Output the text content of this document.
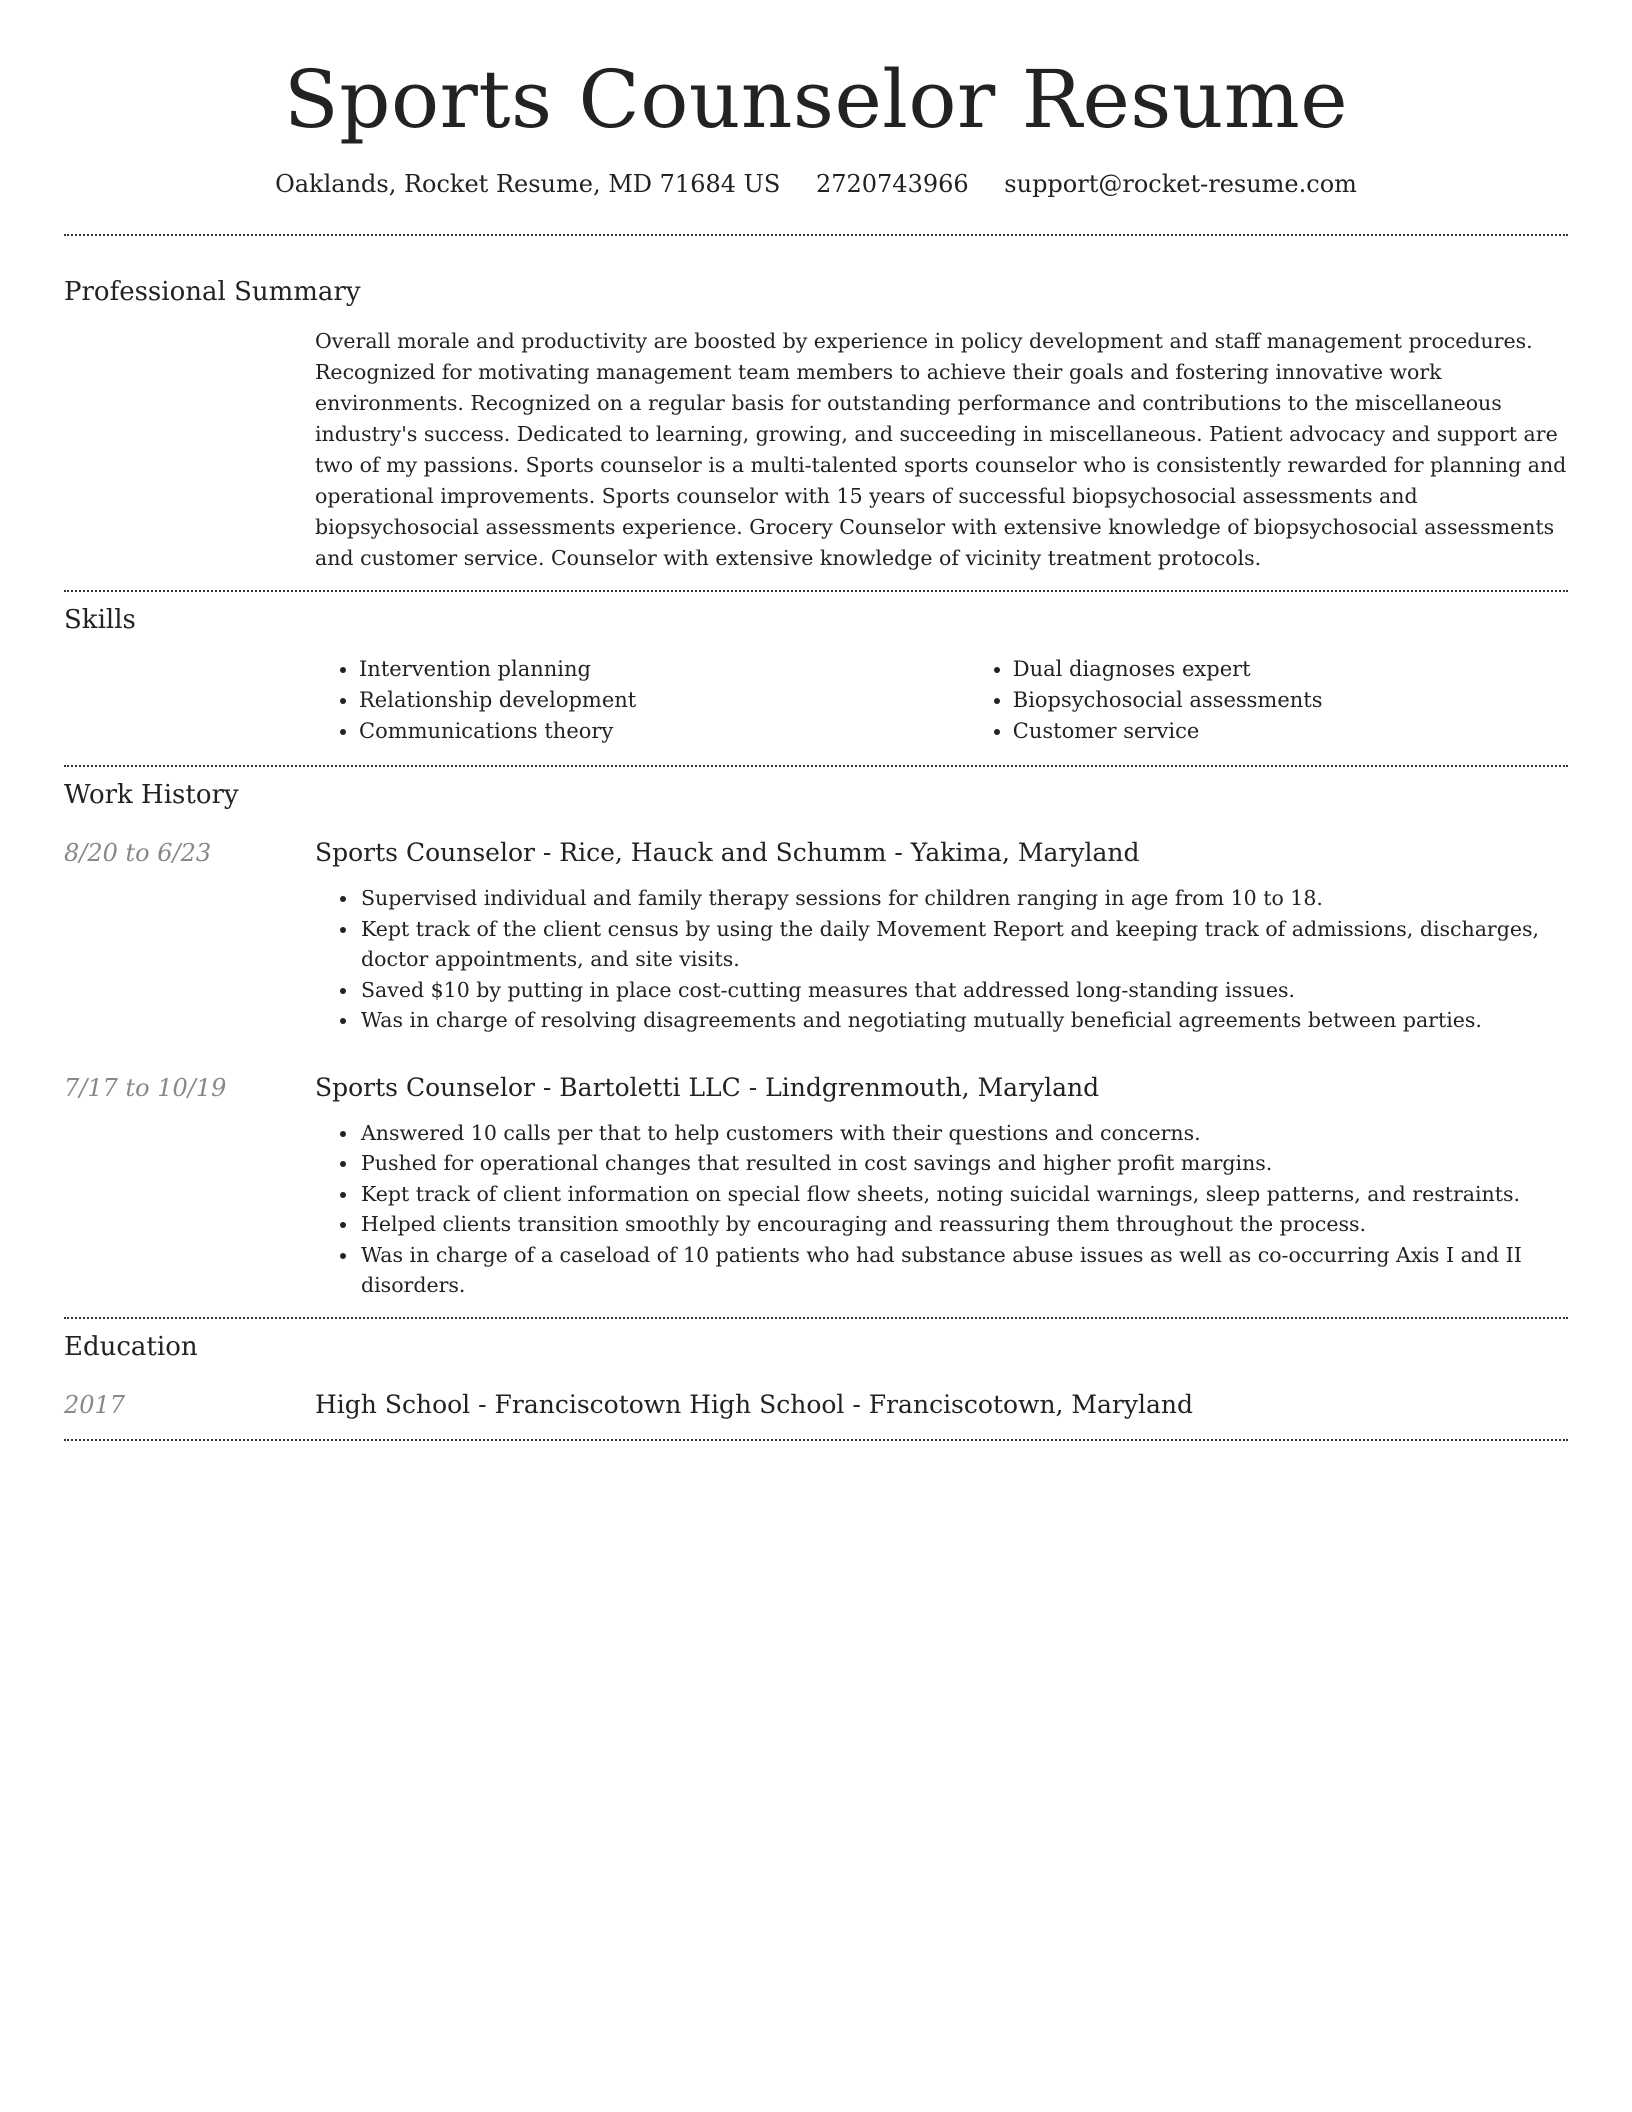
Sports Counselor Resume
Oaklands, Rocket Resume, MD 71684 US 2720743966 support@rocket-resume.com
Professional Summary
Overall morale and productivity are boosted by experience in policy development and staff management procedures. Recognized for motivating management team members to achieve their goals and fostering innovative work environments. Recognized on a regular basis for outstanding performance and contributions to the miscellaneous industry's success. Dedicated to learning, growing, and succeeding in miscellaneous. Patient advocacy and support are two of my passions. Sports counselor is a multi-talented sports counselor who is consistently rewarded for planning and operational improvements. Sports counselor with 15 years of successful biopsychosocial assessments and biopsychosocial assessments experience. Grocery Counselor with extensive knowledge of biopsychosocial assessments and customer service. Counselor with extensive knowledge of vicinity treatment protocols.
Skills
• Intervention planning
• Relationship development
• Communications theory
• Dual diagnoses expert
• Biopsychosocial assessments
• Customer service
Work History
8/20 to 6/23	Sports Counselor - Rice, Hauck and Schumm - Yakima, Maryland
• Supervised individual and family therapy sessions for children ranging in age from 10 to 18.
• Kept track of the client census by using the daily Movement Report and keeping track of admissions, discharges, doctor appointments, and site visits.
• Saved $10 by putting in place cost-cutting measures that addressed long-standing issues.
• Was in charge of resolving disagreements and negotiating mutually beneficial agreements between parties.
7/17 to 10/19	Sports Counselor - Bartoletti LLC - Lindgrenmouth, Maryland
• Answered 10 calls per that to help customers with their questions and concerns.
• Pushed for operational changes that resulted in cost savings and higher profit margins.
• Kept track of client information on special flow sheets, noting suicidal warnings, sleep patterns, and restraints.
• Helped clients transition smoothly by encouraging and reassuring them throughout the process.
• Was in charge of a caseload of 10 patients who had substance abuse issues as well as co-occurring Axis I and II disorders.
Education
2017	High School - Franciscotown High School - Franciscotown, Maryland
